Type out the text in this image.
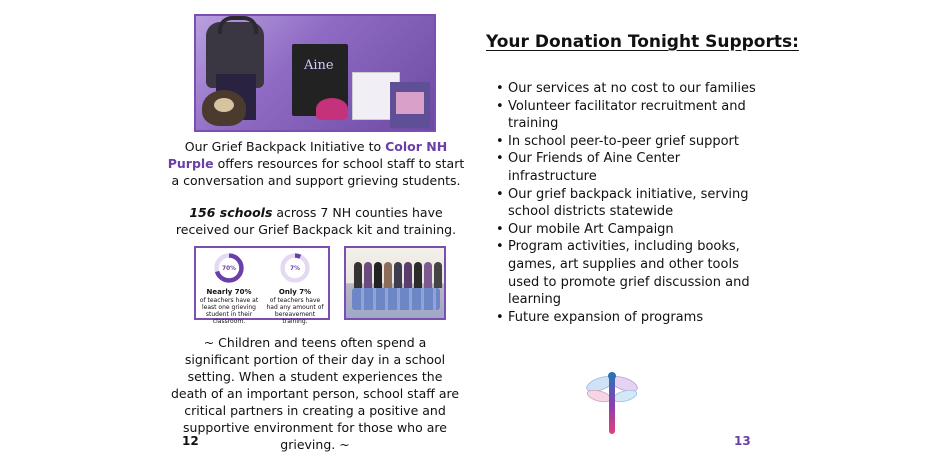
Aine
Our Grief Backpack Initiative to Color NH Purple offers resources for school staff to start a conversation and support grieving students.
156 schools across 7 NH counties have received our Grief Backpack kit and training.
70%
Nearly 70%
of teachers have at least one grieving student in their classroom.
7%
Only 7%
of teachers have had any amount of bereavement training.
~ Children and teens often spend a significant portion of their day in a school setting. When a student experiences the death of an important person, school staff are critical partners in creating a positive and supportive environment for those who are grieving. ~
12
Your Donation Tonight Supports:
• Our services at no cost to our families
• Volunteer facilitator recruitment and training
• In school peer-to-peer grief support
• Our Friends of Aine Center infrastructure
• Our grief backpack initiative, serving school districts statewide
• Our mobile Art Campaign
• Program activities, including books, games, art supplies and other tools used to promote grief discussion and learning
• Future expansion of programs
13
